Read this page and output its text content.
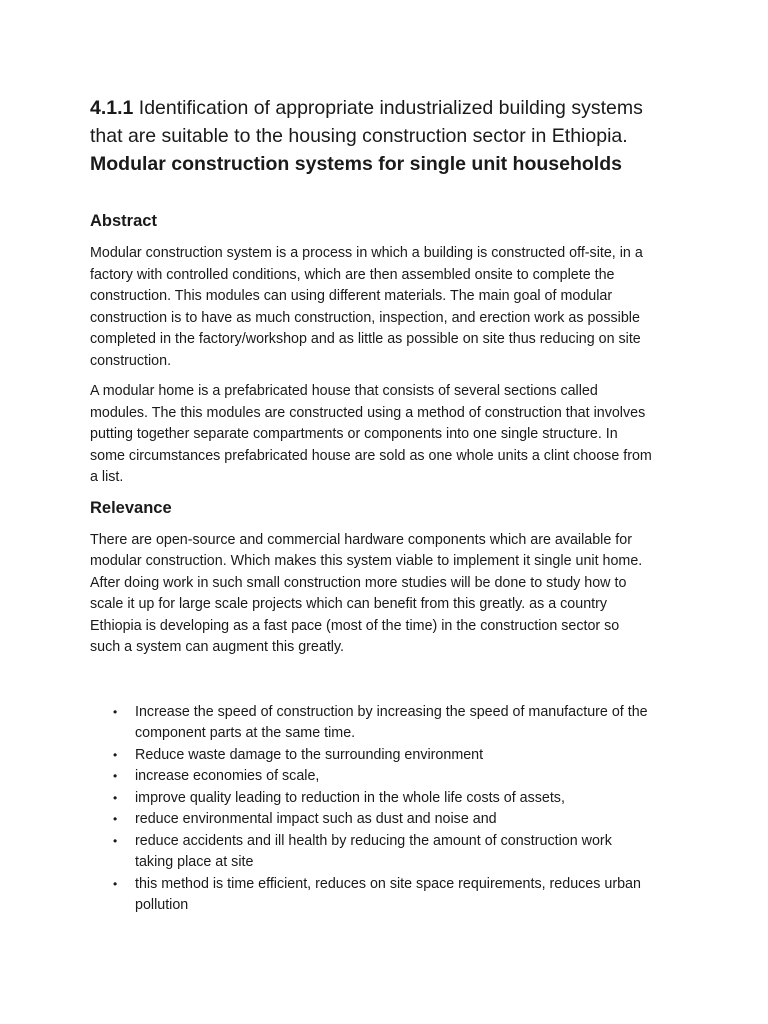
4.1.1 Identification of appropriate industrialized building systems

that are suitable to the housing construction sector in Ethiopia.

Modular construction systems for single unit households

Abstract

Modular construction system is a process in which a building is constructed off-site, in a
factory with controlled conditions, which are then assembled onsite to complete the
construction. This modules can using different materials. The main goal of modular
construction is to have as much construction, inspection, and erection work as possible
completed in the factory/workshop and as little as possible on site thus reducing on site
construction.

A modular home is a prefabricated house that consists of several sections called
modules. The this modules are constructed using a method of construction that involves
putting together separate compartments or components into one single structure. In
some circumstances prefabricated house are sold as one whole units a clint choose from
a list.

Relevance

There are open-source and commercial hardware components which are available for
modular construction. Which makes this system viable to implement it single unit home.
After doing work in such small construction more studies will be done to study how to
scale it up for large scale projects which can benefit from this greatly. as a country
Ethiopia is developing as a fast pace (most of the time) in the construction sector so
such a system can augment this greatly.

• Increase the speed of construction by increasing the speed of manufacture of the
component parts at the same time.
• Reduce waste damage to the surrounding environment
• increase economies of scale,
• improve quality leading to reduction in the whole life costs of assets,
• reduce environmental impact such as dust and noise and
• reduce accidents and ill health by reducing the amount of construction work
taking place at site
• this method is time efficient, reduces on site space requirements, reduces urban
pollution
